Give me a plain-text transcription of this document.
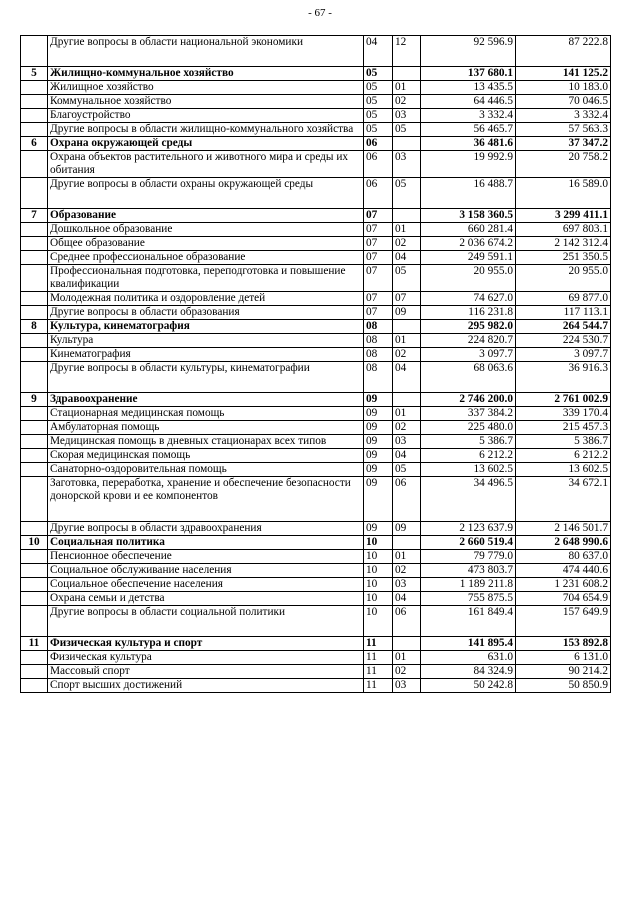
- 67 -
	Другие вопросы в области национальной экономики	04	12	92 596.9	87 222.8
5	Жилищно-коммунальное хозяйство	05		137 680.1	141 125.2
	Жилищное хозяйство	05	01	13 435.5	10 183.0
	Коммунальное хозяйство	05	02	64 446.5	70 046.5
	Благоустройство	05	03	3 332.4	3 332.4
	Другие вопросы в области жилищно-коммунального хозяйства	05	05	56 465.7	57 563.3
6	Охрана окружающей среды	06		36 481.6	37 347.2
	Охрана объектов растительного и животного мира и среды их обитания	06	03	19 992.9	20 758.2
	Другие вопросы в области охраны окружающей среды	06	05	16 488.7	16 589.0
7	Образование	07		3 158 360.5	3 299 411.1
	Дошкольное образование	07	01	660 281.4	697 803.1
	Общее образование	07	02	2 036 674.2	2 142 312.4
	Среднее профессиональное образование	07	04	249 591.1	251 350.5
	Профессиональная подготовка, переподготовка и повышение квалификации	07	05	20 955.0	20 955.0
	Молодежная политика и оздоровление детей	07	07	74 627.0	69 877.0
	Другие вопросы в области образования	07	09	116 231.8	117 113.1
8	Культура, кинематография	08		295 982.0	264 544.7
	Культура	08	01	224 820.7	224 530.7
	Кинематография	08	02	3 097.7	3 097.7
	Другие вопросы в области культуры, кинематографии	08	04	68 063.6	36 916.3
9	Здравоохранение	09		2 746 200.0	2 761 002.9
	Стационарная медицинская помощь	09	01	337 384.2	339 170.4
	Амбулаторная помощь	09	02	225 480.0	215 457.3
	Медицинская помощь в дневных стационарах всех типов	09	03	5 386.7	5 386.7
	Скорая медицинская помощь	09	04	6 212.2	6 212.2
	Санаторно-оздоровительная помощь	09	05	13 602.5	13 602.5
	Заготовка, переработка, хранение и обеспечение безопасности донорской крови и ее компонентов	09	06	34 496.5	34 672.1
	Другие вопросы в области здравоохранения	09	09	2 123 637.9	2 146 501.7
10	Социальная политика	10		2 660 519.4	2 648 990.6
	Пенсионное обеспечение	10	01	79 779.0	80 637.0
	Социальное обслуживание населения	10	02	473 803.7	474 440.6
	Социальное обеспечение населения	10	03	1 189 211.8	1 231 608.2
	Охрана семьи и детства	10	04	755 875.5	704 654.9
	Другие вопросы в области социальной политики	10	06	161 849.4	157 649.9
11	Физическая культура и спорт	11		141 895.4	153 892.8
	Физическая культура	11	01	631.0	6 131.0
	Массовый спорт	11	02	84 324.9	90 214.2
	Спорт высших достижений	11	03	50 242.8	50 850.9
